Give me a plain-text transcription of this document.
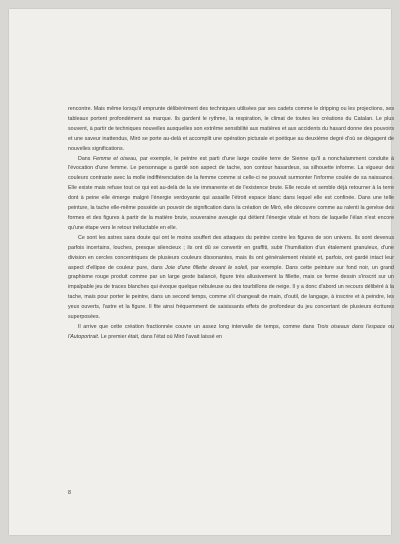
rencontre. Mais même lorsqu'il emprunte délibérément des techniques utilisées par ses cadets comme le dripping ou les projections, ses tableaux portent profondément sa marque. Ils gardent le rythme, la respiration, le climat de toutes les créations du Catalan. Le plus souvent, à partir de techniques nouvelles auxquelles son extrême sensibilité aux matières et aux accidents du hasard donne des pouvoirs et une saveur inattendus, Miró se porte au-delà et accomplit une opération picturale et poétique au deuxième degré d'où se dégagent de nouvelles significations.

Dans Femme et oiseau, par exemple, le peintre est parti d'une large coulée terre de Sienne qu'il a nonchalamment conduite à l'évocation d'une femme. Le personnage a gardé son aspect de tache, son contour hasardeux, sa silhouette informe. La vigueur des couleurs contraste avec la molle indifférenciation de la femme comme si celle-ci ne pouvait surmonter l'informe coulée de sa naissance. Elle existe mais refuse tout ce qui est au-delà de la vie immanente et de l'existence brute. Elle recule et semble déjà retourner à la terre dont à peine elle émerge malgré l'énergie verdoyante qui assaille l'étroit espace blanc dans lequel elle est confinée. Dans une telle peinture, la tache elle-même possède un pouvoir de signification dans la création de Miró, elle découvre comme au ralenti la genèse des formes et des figures à partir de la matière brute, souveraine aveugle qui détient l'énergie vitale et hors de laquelle l'élan n'est encore qu'une étape vers le retour inéluctable en elle.

Ce sont les astres sans doute qui ont le moins souffert des attaques du peintre contre les figures de son univers. Ils sont devenus parfois incertains, louches, presque silencieux ; ils ont dû se convertir en graffiti, subir l'humiliation d'un étalement granuleux, d'une division en cercles concentriques de plusieurs couleurs dissonantes, mais ils ont généralement résisté et, parfois, ont gardé intact leur aspect d'ellipse de couleur pure, dans Joie d'une fillette devant le soleil, par exemple. Dans cette peinture sur fond noir, un grand graphisme rouge produit comme par un large geste balancé, figure très allusivement la fillette, mais ce ferme dessin s'inscrit sur un impalpable jeu de traces blanches qui évoque quelque nébuleuse ou des tourbillons de neige. Il y a donc d'abord un recours délibéré à la tache, mais pour porter le peintre, dans un second temps, comme s'il changeait de main, d'outil, de langage, à inscrire et à peindre, les yeux ouverts, l'astre et la figure. Il fite ainsi fréquemment de saisissants effets de profondeur du jeu concertant de plusieurs écritures superposées.

Il arrive que cette création fractionnée couvre un assez long intervalle de temps, comme dans Trois oiseaux dans l'espace ou l'Autoportrait. Le premier était, dans l'état où Miró l'avait laissé en

8
